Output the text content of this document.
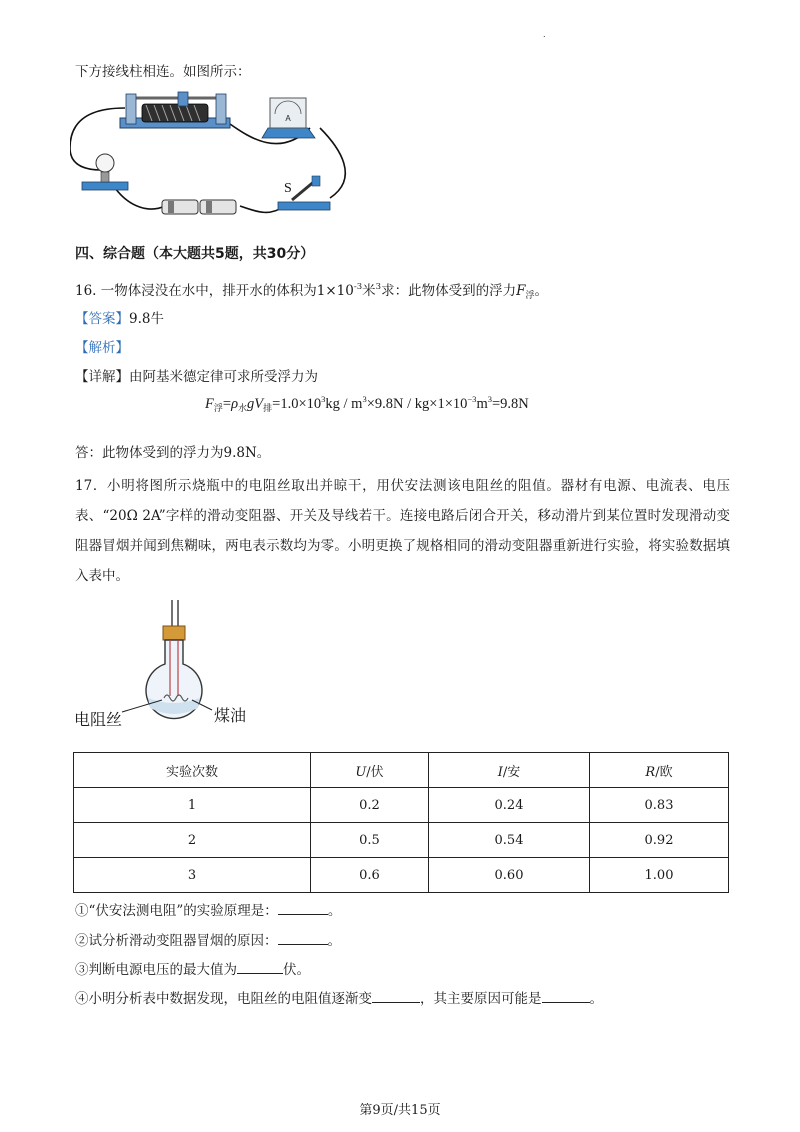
.
下方接线柱相连。如图所示：
A
S
四、综合题（本大题共5题，共30分）
16. 一物体浸没在水中，排开水的体积为$1\times 10^{-3}$米$^3$求：此物体受到的浮力$F_浮$。
【答案】9.8牛
【解析】
【详解】由阿基米德定律可求所受浮力为
$F_浮=\rho_水gV_排=1.0\times 10^3kg / m^3\times 9.8N / kg\times 1\times 10^{-3}m^3=9.8N$
答：此物体受到的浮力为9.8N。
17．小明将图所示烧瓶中的电阻丝取出并晾干，用伏安法测该电阻丝的阻值。器材有电源、电流表、电压表、“20Ω 2A”字样的滑动变阻器、开关及导线若干。连接电路后闭合开关，移动滑片到某位置时发现滑动变阻器冒烟并闻到焦糊味，两电表示数均为零。小明更换了规格相同的滑动变阻器重新进行实验，将实验数据填入表中。
电阻丝	煤油
实验次数	U/伏	I/安	R/欧
1	0.2	0.24	0.83
2	0.5	0.54	0.92
3	0.6	0.60	1.00
①“伏安法测电阻”的实验原理是：	。
②试分析滑动变阻器冒烟的原因：	。
③判断电源电压的最大值为	伏。
④小明分析表中数据发现，电阻丝的电阻值逐渐变	，其主要原因可能是	。
第9页/共15页
